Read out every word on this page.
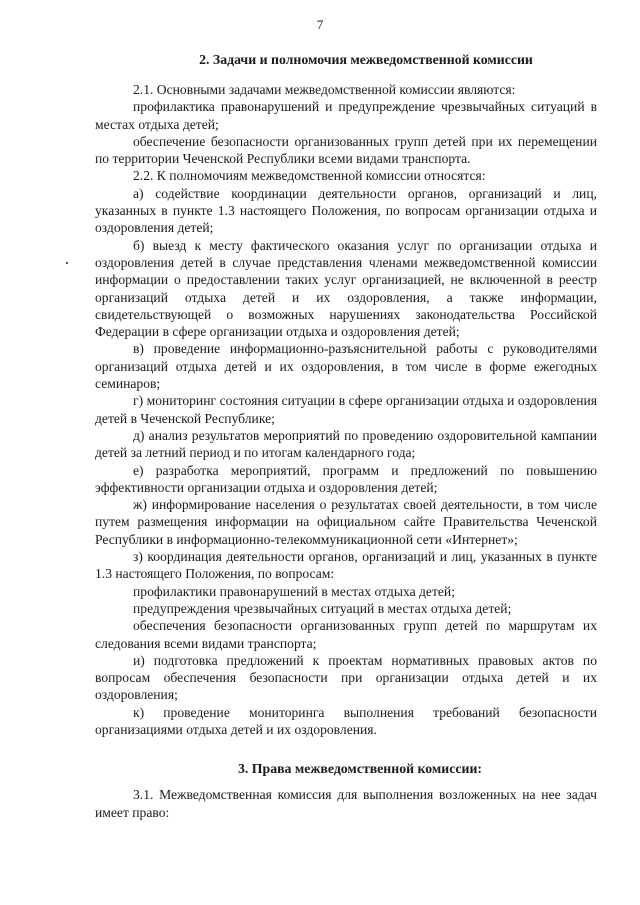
7
2. Задачи и полномочия межведомственной комиссии

2.1. Основными задачами межведомственной комиссии являются:

профилактика правонарушений и предупреждение чрезвычайных ситуаций в местах отдыха детей;

обеспечение безопасности организованных групп детей при их перемещении по территории Чеченской Республики всеми видами транспорта.

2.2. К полномочиям межведомственной комиссии относятся:

а) содействие координации деятельности органов, организаций и лиц, указанных в пункте 1.3 настоящего Положения, по вопросам организации отдыха и оздоровления детей;

б) выезд к месту фактического оказания услуг по организации отдыха и оздоровления детей в случае представления членами межведомственной комиссии информации о предоставлении таких услуг организацией, не включенной в реестр организаций отдыха детей и их оздоровления, а также информации, свидетельствующей о возможных нарушениях законодательства Российской Федерации в сфере организации отдыха и оздоровления детей;

в) проведение информационно-разъяснительной работы с руководителями организаций отдыха детей и их оздоровления, в том числе в форме ежегодных семинаров;

г) мониторинг состояния ситуации в сфере организации отдыха и оздоровления детей в Чеченской Республике;

д) анализ результатов мероприятий по проведению оздоровительной кампании детей за летний период и по итогам календарного года;

е) разработка мероприятий, программ и предложений по повышению эффективности организации отдыха и оздоровления детей;

ж) информирование населения о результатах своей деятельности, в том числе путем размещения информации на официальном сайте Правительства Чеченской Республики в информационно-телекоммуникационной сети «Интернет»;

з) координация деятельности органов, организаций и лиц, указанных в пункте 1.3 настоящего Положения, по вопросам:

профилактики правонарушений в местах отдыха детей;

предупреждения чрезвычайных ситуаций в местах отдыха детей;

обеспечения безопасности организованных групп детей по маршрутам их следования всеми видами транспорта;

и) подготовка предложений к проектам нормативных правовых актов по вопросам обеспечения безопасности при организации отдыха детей и их оздоровления;

к) проведение мониторинга выполнения требований безопасности организациями отдыха детей и их оздоровления.

3. Права межведомственной комиссии:

3.1. Межведомственная комиссия для выполнения возложенных на нее задач имеет право:
